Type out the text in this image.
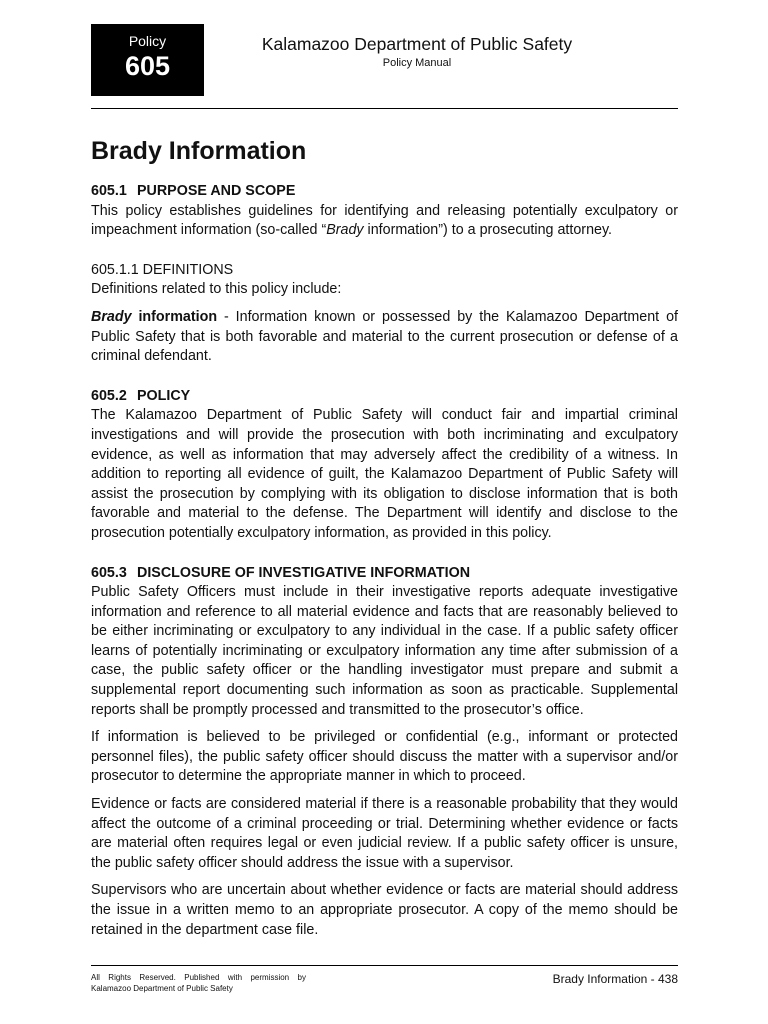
Policy
605
Kalamazoo Department of Public Safety
Policy Manual
Brady Information
605.1 PURPOSE AND SCOPE

This policy establishes guidelines for identifying and releasing potentially exculpatory or impeachment information (so-called “Brady information”) to a prosecuting attorney.

605.1.1 DEFINITIONS

Definitions related to this policy include:

Brady information - Information known or possessed by the Kalamazoo Department of Public Safety that is both favorable and material to the current prosecution or defense of a criminal defendant.

605.2 POLICY

The Kalamazoo Department of Public Safety will conduct fair and impartial criminal investigations and will provide the prosecution with both incriminating and exculpatory evidence, as well as information that may adversely affect the credibility of a witness. In addition to reporting all evidence of guilt, the Kalamazoo Department of Public Safety will assist the prosecution by complying with its obligation to disclose information that is both favorable and material to the defense. The Department will identify and disclose to the prosecution potentially exculpatory information, as provided in this policy.

605.3 DISCLOSURE OF INVESTIGATIVE INFORMATION

Public Safety Officers must include in their investigative reports adequate investigative information and reference to all material evidence and facts that are reasonably believed to be either incriminating or exculpatory to any individual in the case. If a public safety officer learns of potentially incriminating or exculpatory information any time after submission of a case, the public safety officer or the handling investigator must prepare and submit a supplemental report documenting such information as soon as practicable. Supplemental reports shall be promptly processed and transmitted to the prosecutor’s office.

If information is believed to be privileged or confidential (e.g., informant or protected personnel files), the public safety officer should discuss the matter with a supervisor and/or prosecutor to determine the appropriate manner in which to proceed.

Evidence or facts are considered material if there is a reasonable probability that they would affect the outcome of a criminal proceeding or trial. Determining whether evidence or facts are material often requires legal or even judicial review. If a public safety officer is unsure, the public safety officer should address the issue with a supervisor.

Supervisors who are uncertain about whether evidence or facts are material should address the issue in a written memo to an appropriate prosecutor. A copy of the memo should be retained in the department case file.

All Rights Reserved. Published with permission by Kalamazoo Department of Public Safety
Brady Information - 438
